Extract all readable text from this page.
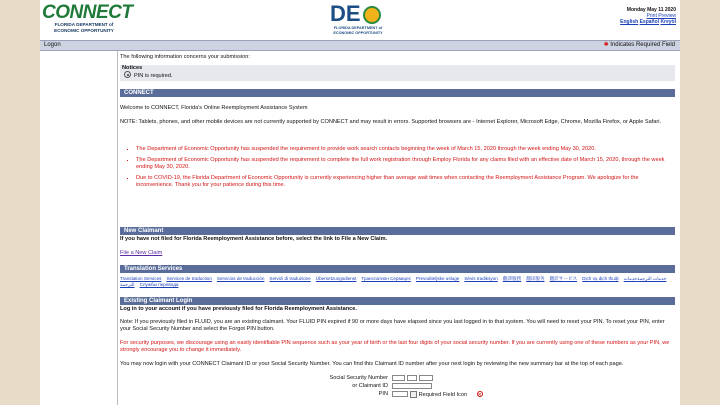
CONNECT
FLORIDA DEPARTMENT of ECONOMIC OPPORTUNITY
DE
FLORIDA DEPARTMENT of ECONOMIC OPPORTUNITY
Monday May 11 2020
Print Preview
English Español Kreyòl
Logon	✱ Indicates Required Field
The following information concerns your submission:
Notices
PIN is required.
CONNECT
Welcome to CONNECT, Florida's Online Reemployment Assistance System
NOTE: Tablets, phones, and other mobile devices are not currently supported by CONNECT and may result in errors. Supported browsers are - Internet Explorer, Microsoft Edge, Chrome, Mozilla Firefox, or Apple Safari.
▪ The Department of Economic Opportunity has suspended the requirement to provide work search contacts beginning the week of March 15, 2020 through the week ending May 30, 2020.
▪ The Department of Economic Opportunity has suspended the requirement to complete the full work registration through Employ Florida for any claims filed with an effective date of March 15, 2020, through the week ending May 30, 2020.
▪ Due to COVID-19, the Florida Department of Economic Opportunity is currently experiencing higher than average wait times when contacting the Reemployment Assistance Program. We apologize for the inconvenience. Thank you for your patience during this time.
New Claimant
If you have not filed for Florida Reemployment Assistance before, select the link to File a New Claim.
File a New Claim
Translation Services
Translation Services Services de traduction Servicios de traducción Servizi di traduzione Übersetzungsdienst Транслатион Сервицес Prevoditeljske usluge Sèvis tradiksyon 翻譯服務 翻译服务 翻訳サービス Dịch vụ dịch thuật	خدمات الترجمةخدمات الترجمة Службы перевода
Existing Claimant Login
Log in to your account if you have previously filed for Florida Reemployment Assistance.
Note: If you previously filed in FLUID, you are an existing claimant. Your FLUID PIN expired if 90 or more days have elapsed since you last logged in to that system. You will need to reset your PIN. To reset your PIN, enter your Social Security Number and select the Forgot PIN button.
For security purposes, we discourage using an easily identifiable PIN sequence such as your year of birth or the last four digits of your social security number. If you are currently using one of these numbers as your PIN, we strongly encourage you to change it immediately.
You may now login with your CONNECT Claimant ID or your Social Security Number. You can find this Claimant ID number after your next login by reviewing the new summary bar at the top of each page.
Social Security Number
or Claimant ID
PIN	Required Field Icon ✕
